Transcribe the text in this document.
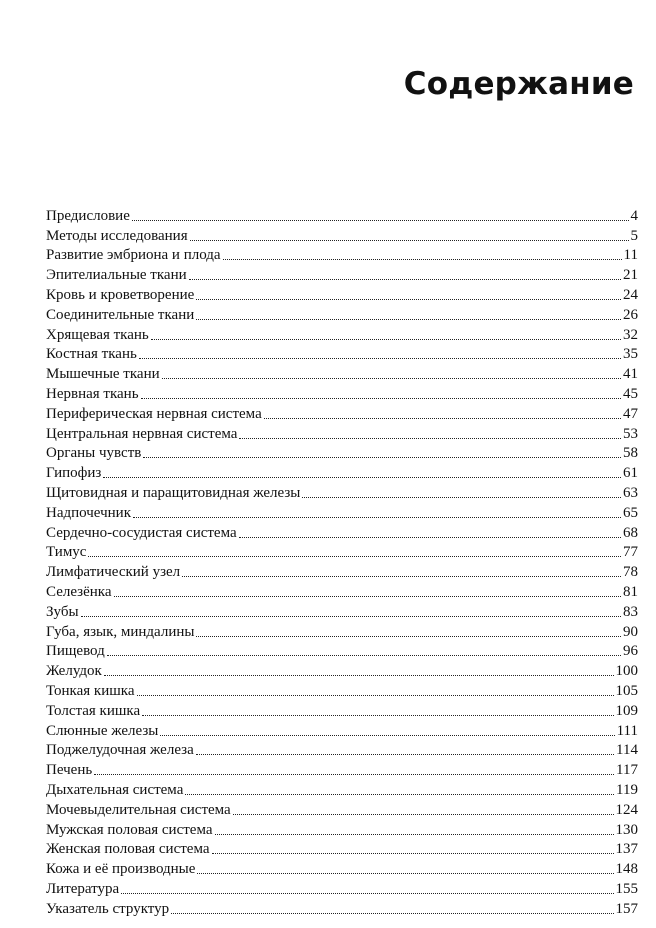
Содержание
Предисловие	4
Методы исследования	5
Развитие эмбриона и плода	11
Эпителиальные ткани	21
Кровь и кроветворение	24
Соединительные ткани	26
Хрящевая ткань	32
Костная ткань	35
Мышечные ткани	41
Нервная ткань	45
Периферическая нервная система	47
Центральная нервная система	53
Органы чувств	58
Гипофиз	61
Щитовидная и паращитовидная железы	63
Надпочечник	65
Сердечно-сосудистая система	68
Тимус	77
Лимфатический узел	78
Селезёнка	81
Зубы	83
Губа, язык, миндалины	90
Пищевод	96
Желудок	100
Тонкая кишка	105
Толстая кишка	109
Слюнные железы	111
Поджелудочная железа	114
Печень	117
Дыхательная система	119
Мочевыделительная система	124
Мужская половая система	130
Женская половая система	137
Кожа и её производные	148
Литература	155
Указатель структур	157
